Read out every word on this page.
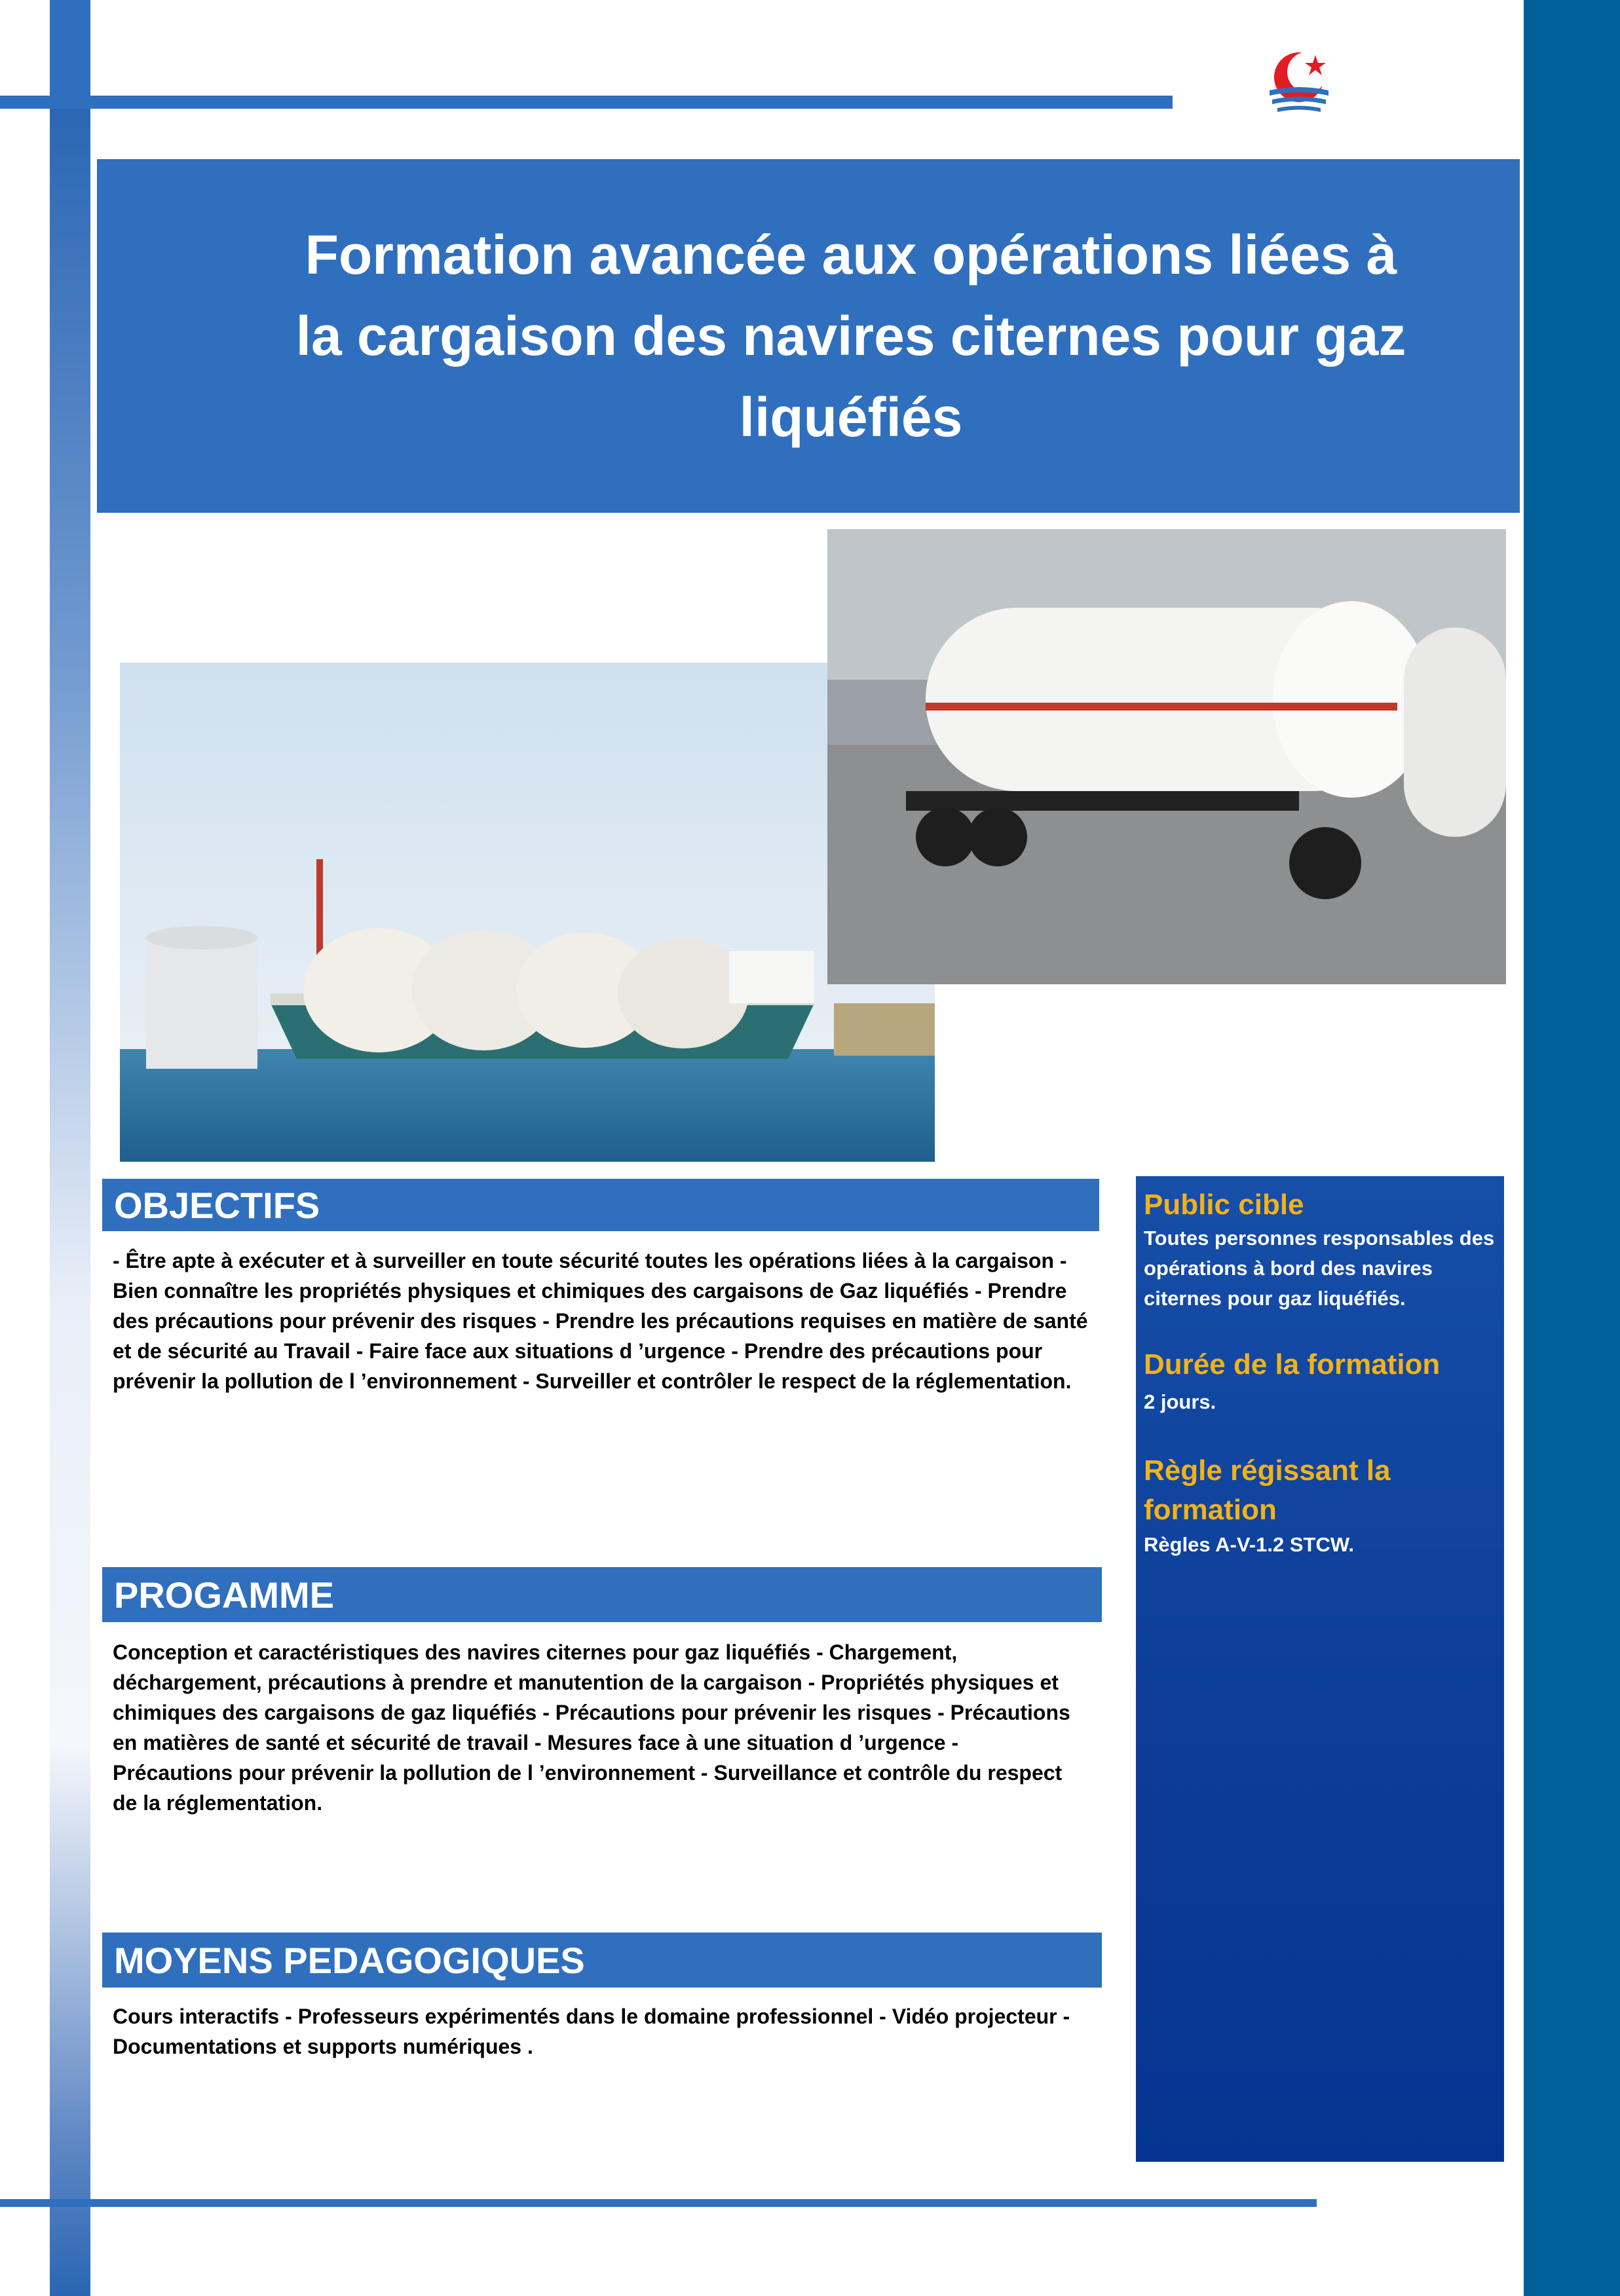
Formation avancée aux opérations liées à la cargaison des navires citernes pour gaz liquéfiés
OBJECTIFS
- Être apte à exécuter et à surveiller en toute sécurité toutes les opérations liées à la cargaison - Bien connaître les propriétés physiques et chimiques des cargaisons de Gaz liquéfiés - Prendre des précautions pour prévenir des risques - Prendre les précautions requises en matière de santé et de sécurité au Travail - Faire face aux situations d ’urgence - Prendre des précautions pour prévenir la pollution de l ’environnement - Surveiller et contrôler le respect de la réglementation.
PROGAMME
Conception et caractéristiques des navires citernes pour gaz liquéfiés - Chargement, déchargement, précautions à prendre et manutention de la cargaison - Propriétés physiques et chimiques des cargaisons de gaz liquéfiés - Précautions pour prévenir les risques - Précautions en matières de santé et sécurité de travail - Mesures face à une situation d ’urgence - Précautions pour prévenir la pollution de l ’environnement - Surveillance et contrôle du respect de la réglementation.
MOYENS PEDAGOGIQUES
Cours interactifs - Professeurs expérimentés dans le domaine professionnel - Vidéo projecteur - Documentations et supports numériques .
Public cible
Toutes personnes responsables des opérations à bord des navires citernes pour gaz liquéfiés.
Durée de la formation
2 jours.
Règle régissant la formation
Règles A-V-1.2 STCW.
